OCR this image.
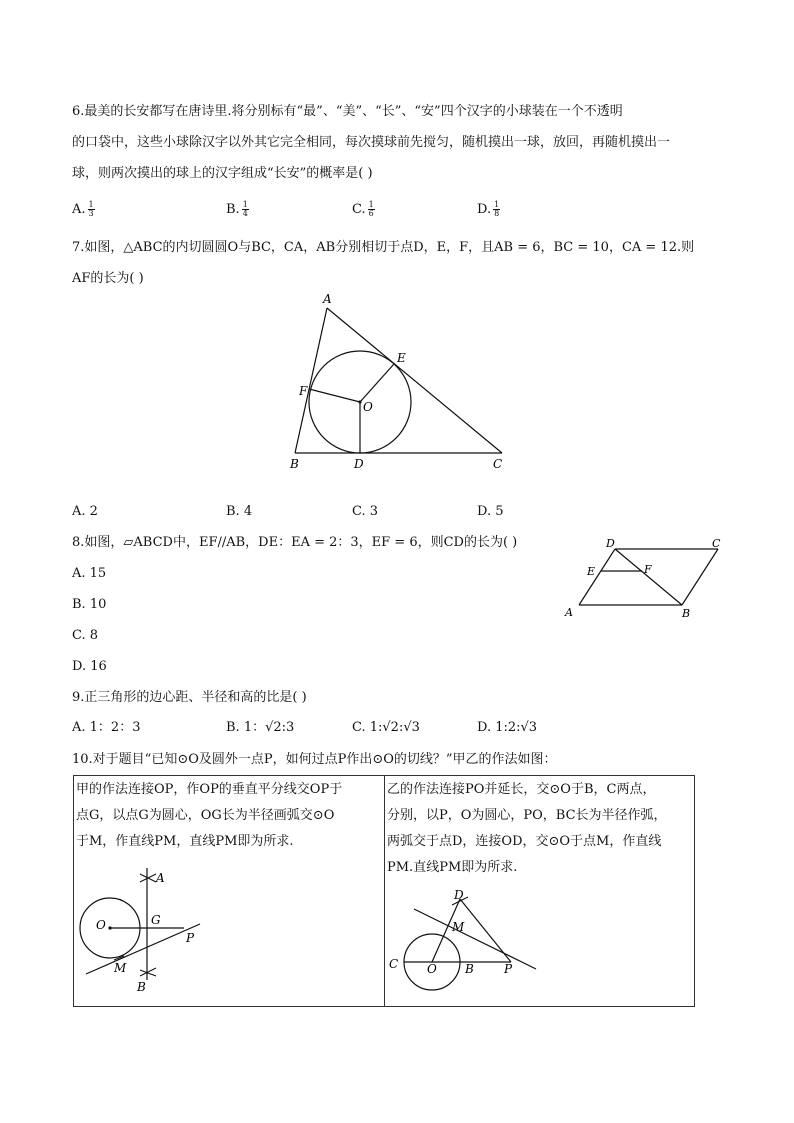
6.最美的长安都写在唐诗里.将分别标有“最”、“美”、“长”、“安”四个汉字的小球装在一个不透明
的口袋中，这些小球除汉字以外其它完全相同，每次摸球前先搅匀，随机摸出一球，放回，再随机摸出一
球，则两次摸出的球上的汉字组成“长安”的概率是( )
A. $\frac{1}{3}$	B. $\frac{1}{4}$	C. $\frac{1}{6}$	D. $\frac{1}{8}$
7.如图，△ABC的内切圆圆O与BC，CA，AB分别相切于点D，E，F，且AB = 6，BC = 10，CA = 12.则
AF的长为( )
A
B	C
D
E
F
O
A. 2	B. 4	C. 3	D. 5
8.如图，▱ABCD中，EF//AB，DE：EA = 2：3，EF = 6，则CD的长为( )
A. 15
B. 10
C. 8
D. 16
D	C
E	F
A	B
9.正三角形的边心距、半径和高的比是( )
A. 1：2：3	B. 1：√2:3	C. 1:√2:√3	D. 1:2:√3
10.对于题目“已知⊙O及圆外一点P，如何过点P作出⊙O的切线？”甲乙的作法如图：
甲的作法连接OP，作OP的垂直平分线交OP于
点G，以点G为圆心，OG长为半径画弧交⊙O
于M，作直线PM，直线PM即为所求.
乙的作法连接PO并延长，交⊙O于B，C两点，
分别，以P，O为圆心，PO，BC长为半径作弧，
两弧交于点D，连接OD，交⊙O于点M，作直线
PM.直线PM即为所求.
O
A
G
P
M
B
D
M
C O B	P
